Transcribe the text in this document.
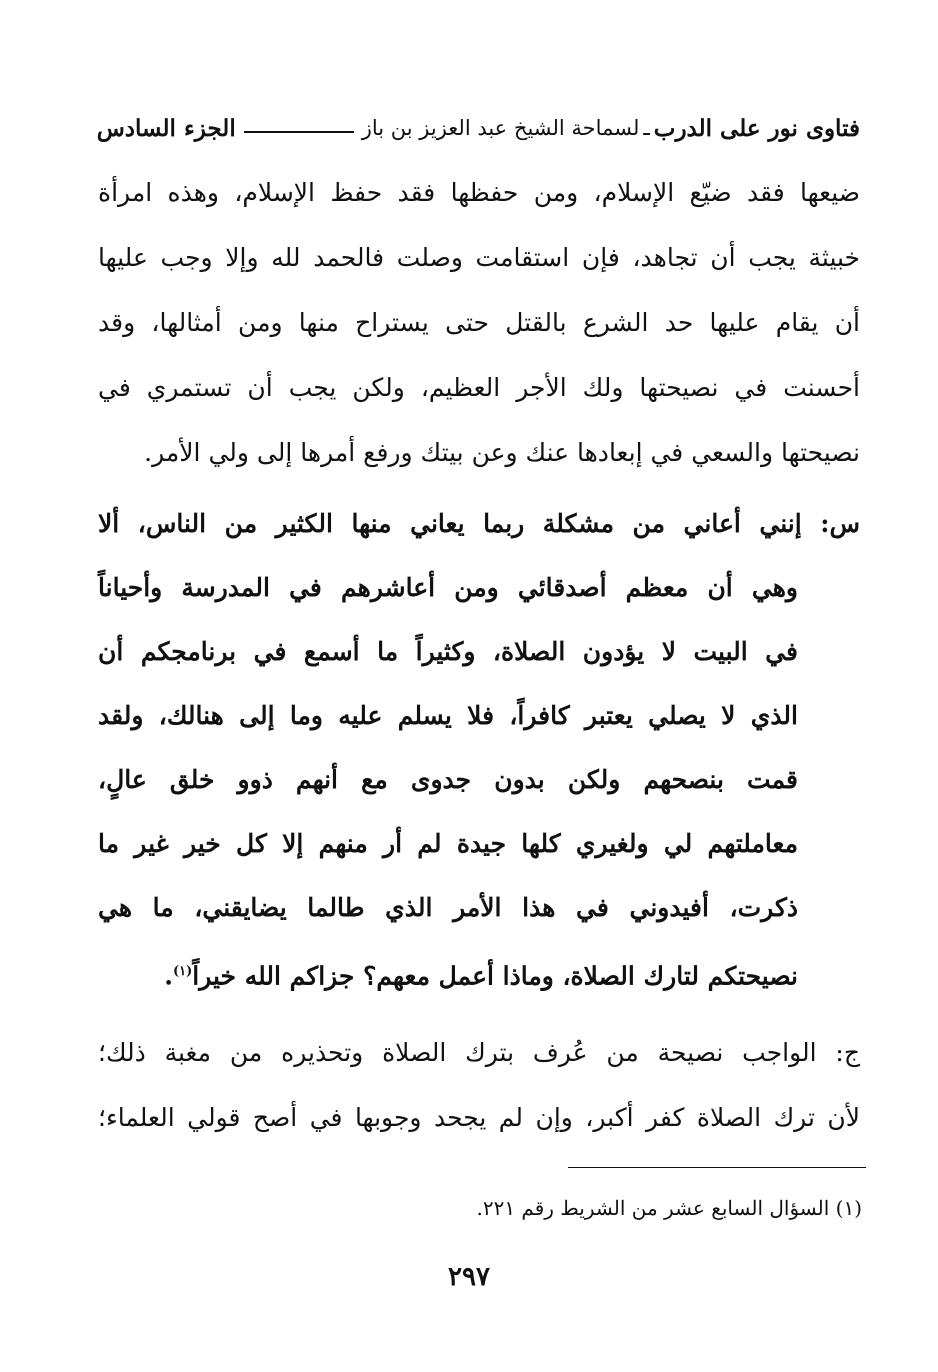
فتاوى نور على الدرب
ـ
لسماحة الشيخ عبد العزيز بن باز
الجزء السادس
ضيعها فقد ضيّع الإسلام، ومن حفظها فقد حفظ الإسلام، وهذه امرأة
خبيثة يجب أن تجاهد، فإن استقامت وصلت فالحمد لله وإلا وجب عليها
أن يقام عليها حد الشرع بالقتل حتى يستراح منها ومن أمثالها، وقد
أحسنت في نصيحتها ولك الأجر العظيم، ولكن يجب أن تستمري في
نصيحتها والسعي في إبعادها عنك وعن بيتك ورفع أمرها إلى ولي الأمر.
س: إنني أعاني من مشكلة ربما يعاني منها الكثير من الناس، ألا
وهي أن معظم أصدقائي ومن أعاشرهم في المدرسة وأحياناً
في البيت لا يؤدون الصلاة، وكثيراً ما أسمع في برنامجكم أن
الذي لا يصلي يعتبر كافراً، فلا يسلم عليه وما إلى هنالك، ولقد
قمت بنصحهم ولكن بدون جدوى مع أنهم ذوو خلق عالٍ،
معاملتهم لي ولغيري كلها جيدة لم أر منهم إلا كل خير غير ما
ذكرت، أفيدوني في هذا الأمر الذي طالما يضايقني، ما هي
نصيحتكم لتارك الصلاة، وماذا أعمل معهم؟ جزاكم الله خيراً$^{(١)}$.
ج: الواجب نصيحة من عُرف بترك الصلاة وتحذيره من مغبة ذلك؛
لأن ترك الصلاة كفر أكبر، وإن لم يجحد وجوبها في أصح قولي العلماء؛
(١) السؤال السابع عشر من الشريط رقم ٢٢١.
٢٩٧
